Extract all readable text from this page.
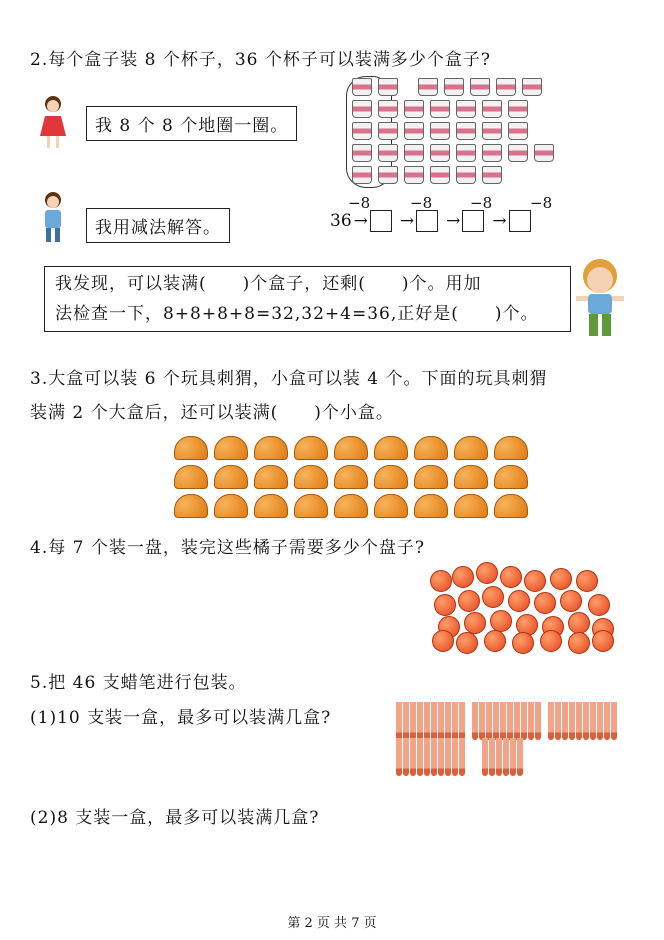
2.每个盒子装 8 个杯子，36 个杯子可以装满多少个盒子?
我 8 个 8 个地圈一圈。
我用减法解答。
−8	−8	−8	−8
36 → → → →
我发现，可以装满(　　)个盒子，还剩(　　)个。用加
法检查一下，8+8+8+8=32,32+4=36,正好是(　　)个。
3.大盒可以装 6 个玩具刺猬，小盒可以装 4 个。下面的玩具刺猬
装满 2 个大盒后，还可以装满(　　)个小盒。
4.每 7 个装一盘，装完这些橘子需要多少个盘子?
5.把 46 支蜡笔进行包装。
(1)10 支装一盒，最多可以装满几盒?
(2)8 支装一盒，最多可以装满几盒?
第 2 页 共 7 页
